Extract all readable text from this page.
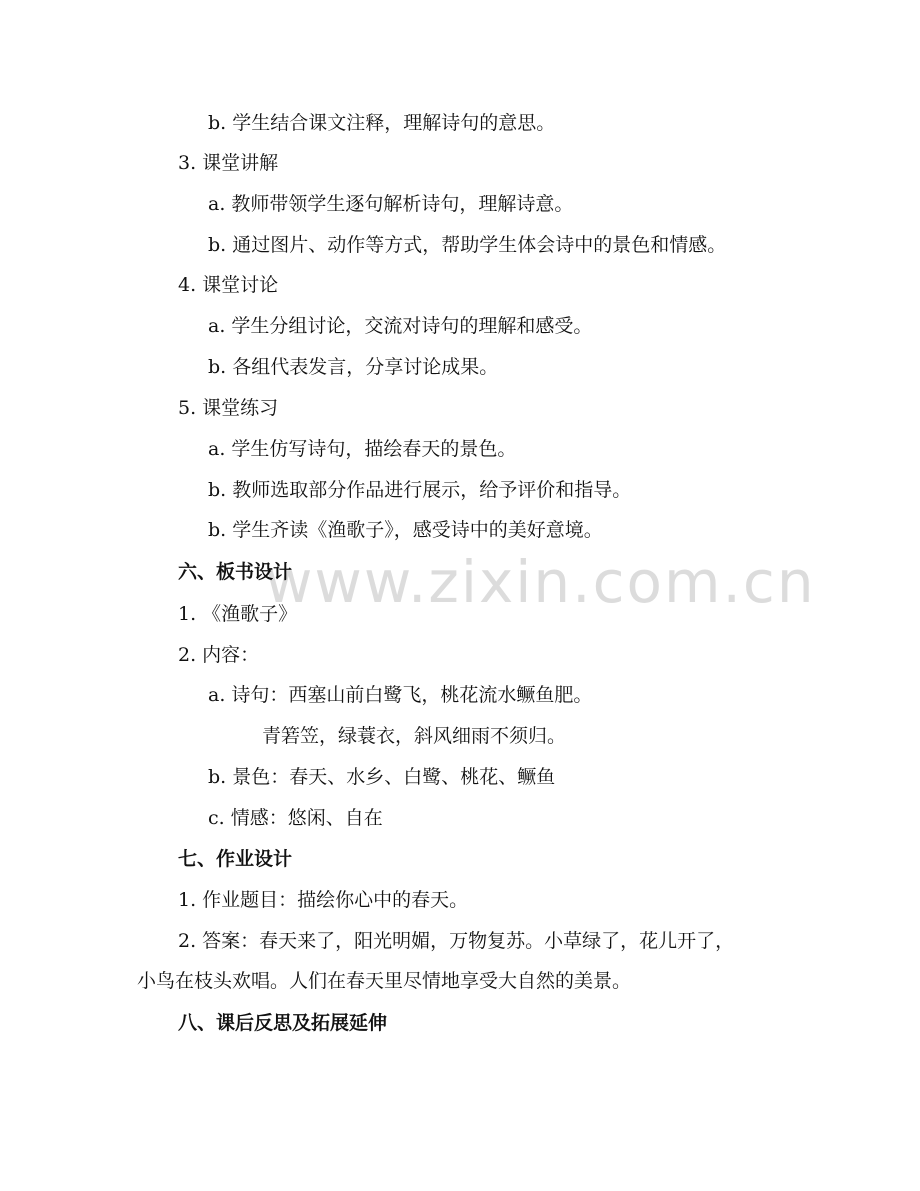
www.zixin.com.cn
b. 学生结合课文注释，理解诗句的意思。
3. 课堂讲解
a. 教师带领学生逐句解析诗句，理解诗意。
b. 通过图片、动作等方式，帮助学生体会诗中的景色和情感。
4. 课堂讨论
a. 学生分组讨论，交流对诗句的理解和感受。
b. 各组代表发言，分享讨论成果。
5. 课堂练习
a. 学生仿写诗句，描绘春天的景色。
b. 教师选取部分作品进行展示，给予评价和指导。
b. 学生齐读《渔歌子》，感受诗中的美好意境。
六、板书设计
1. 《渔歌子》
2. 内容：
a. 诗句：西塞山前白鹭飞，桃花流水鳜鱼肥。
青箬笠，绿蓑衣，斜风细雨不须归。
b. 景色：春天、水乡、白鹭、桃花、鳜鱼
c. 情感：悠闲、自在
七、作业设计
1. 作业题目：描绘你心中的春天。
2. 答案：春天来了，阳光明媚，万物复苏。小草绿了，花儿开了，
小鸟在枝头欢唱。人们在春天里尽情地享受大自然的美景。
八、课后反思及拓展延伸
